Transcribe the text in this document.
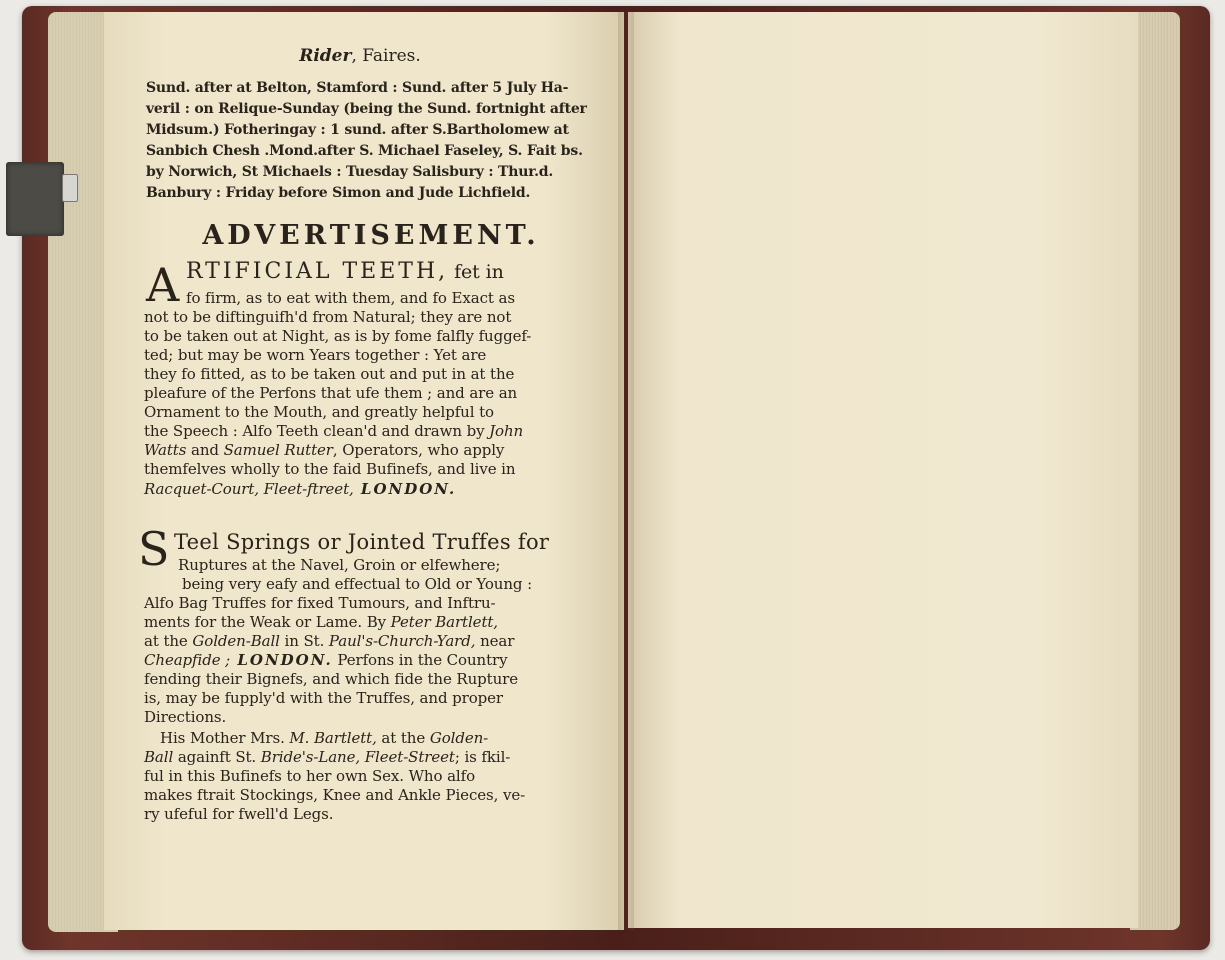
Rider, Faires.

Sund. after at Belton, Stamford : Sund. after 5 July Ha-

veril : on Relique-Sunday (being the Sund. fortnight after

Midsum.) Fotheringay : 1 sund. after S.Bartholomew at

Sanbich Chesh .Mond.after S. Michael Faseley, S. Fait bs.

by Norwich, St Michaels : Tuesday Salisbury : Thur.d.

Banbury : Friday before Simon and Jude Lichfield.

ADVERTISEMENT.

A RTIFICIAL TEETH, fet in

fo firm, as to eat with them, and fo Exact as

not to be diftinguifh'd from Natural; they are not

to be taken out at Night, as is by fome falfly fuggef-

ted; but may be worn Years together : Yet are

they fo fitted, as to be taken out and put in at the

pleafure of the Perfons that ufe them ; and are an

Ornament to the Mouth, and greatly helpful to

the Speech : Alfo Teeth clean'd and drawn by John

Watts and Samuel Rutter, Operators, who apply

themfelves wholly to the faid Bufinefs, and live in

Racquet-Court, Fleet-ftreet, LONDON.

S Teel Springs or Jointed Truffes for

Ruptures at the Navel, Groin or elfewhere;

being very eafy and effectual to Old or Young :

Alfo Bag Truffes for fixed Tumours, and Inftru-

ments for the Weak or Lame. By Peter Bartlett,

at the Golden-Ball in St. Paul's-Church-Yard, near

Cheapfide ; LONDON. Perfons in the Country

fending their Bignefs, and which fide the Rupture

is, may be fupply'd with the Truffes, and proper

Directions.

His Mother Mrs. M. Bartlett, at the Golden-

Ball againft St. Bride's-Lane, Fleet-Street; is fkil-

ful in this Bufinefs to her own Sex. Who alfo

makes ftrait Stockings, Knee and Ankle Pieces, ve-

ry ufeful for fwell'd Legs.
